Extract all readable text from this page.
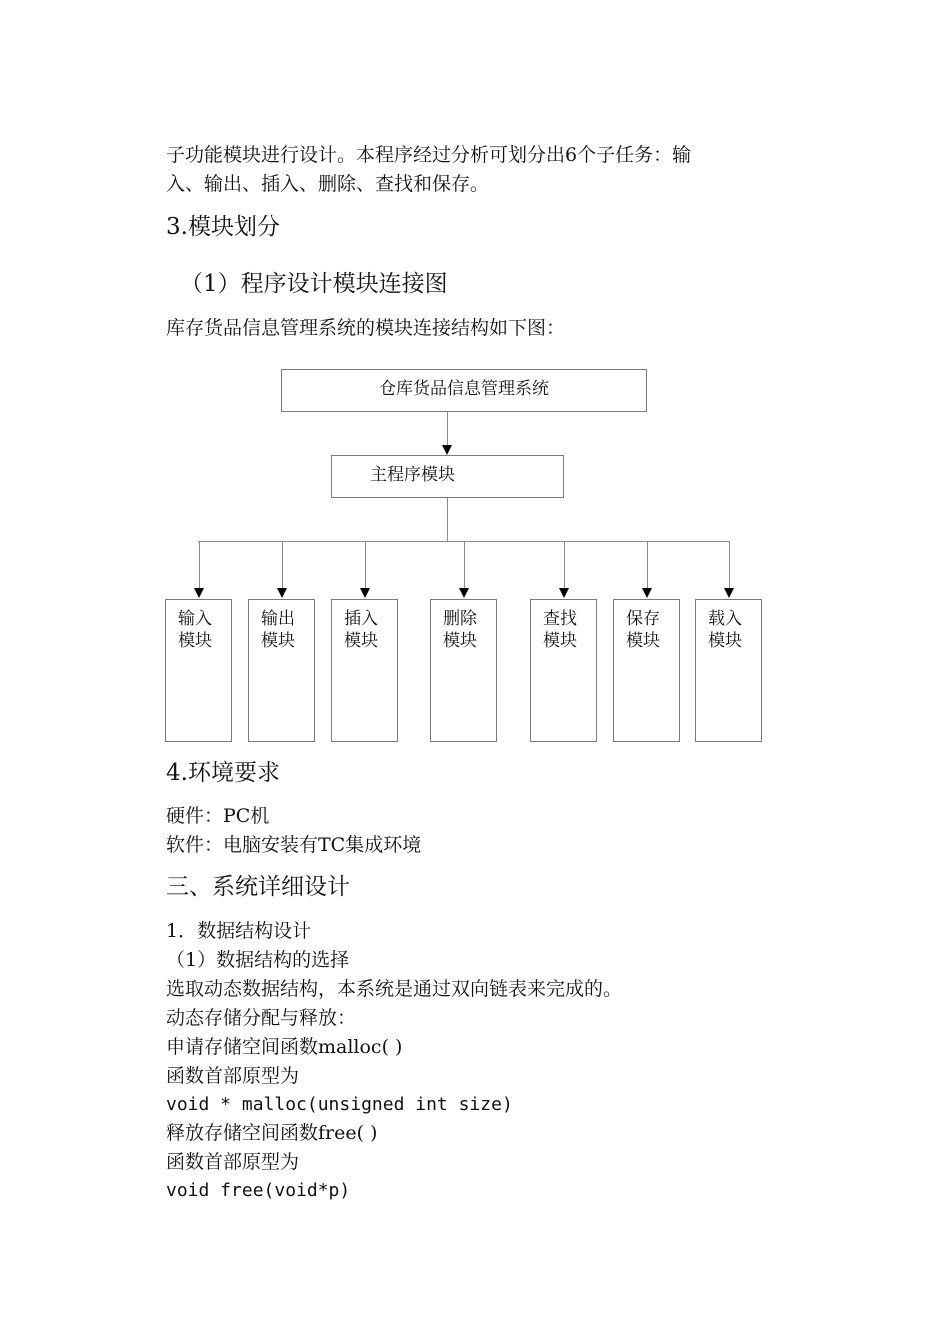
子功能模块进行设计。本程序经过分析可划分出6个子任务：输
入、输出、插入、删除、查找和保存。
3.模块划分
（1）程序设计模块连接图
库存货品信息管理系统的模块连接结构如下图：
仓库货品信息管理系统
主程序模块
输入模块
输出模块
插入模块
删除模块
查找模块
保存模块
载入模块
4.环境要求
硬件：PC机
软件：电脑安装有TC集成环境
三、系统详细设计
1．数据结构设计
（1）数据结构的选择
选取动态数据结构，本系统是通过双向链表来完成的。
动态存储分配与释放：
申请存储空间函数malloc( )
函数首部原型为
void * malloc(unsigned int size)
释放存储空间函数free( )
函数首部原型为
void free(void*p)
